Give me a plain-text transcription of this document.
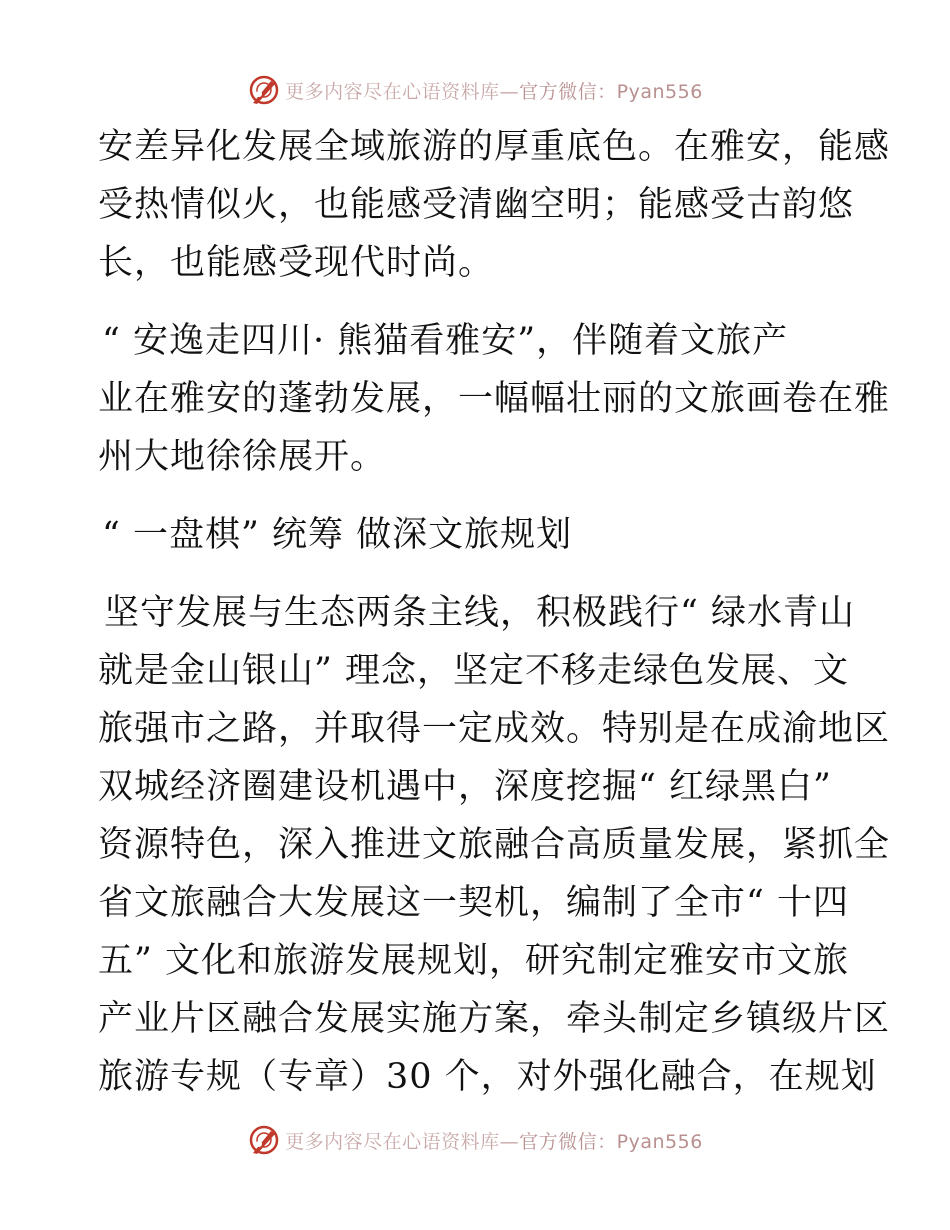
更多内容尽在心语资料库—官方微信：Pyan556
安差异化发展全域旅游的厚重底色。在雅安，能感
受热情似火，也能感受清幽空明；能感受古韵悠
长，也能感受现代时尚。
“ 安逸走四川· 熊猫看雅安”，伴随着文旅产
业在雅安的蓬勃发展，一幅幅壮丽的文旅画卷在雅
州大地徐徐展开。
“ 一盘棋” 统筹 做深文旅规划
坚守发展与生态两条主线，积极践行“ 绿水青山
就是金山银山” 理念，坚定不移走绿色发展、文
旅强市之路，并取得一定成效。特别是在成渝地区
双城经济圈建设机遇中，深度挖掘“ 红绿黑白”
资源特色，深入推进文旅融合高质量发展，紧抓全
省文旅融合大发展这一契机，编制了全市“ 十四
五” 文化和旅游发展规划，研究制定雅安市文旅
产业片区融合发展实施方案，牵头制定乡镇级片区
旅游专规（专章）30 个，对外强化融合，在规划
更多内容尽在心语资料库—官方微信：Pyan556
